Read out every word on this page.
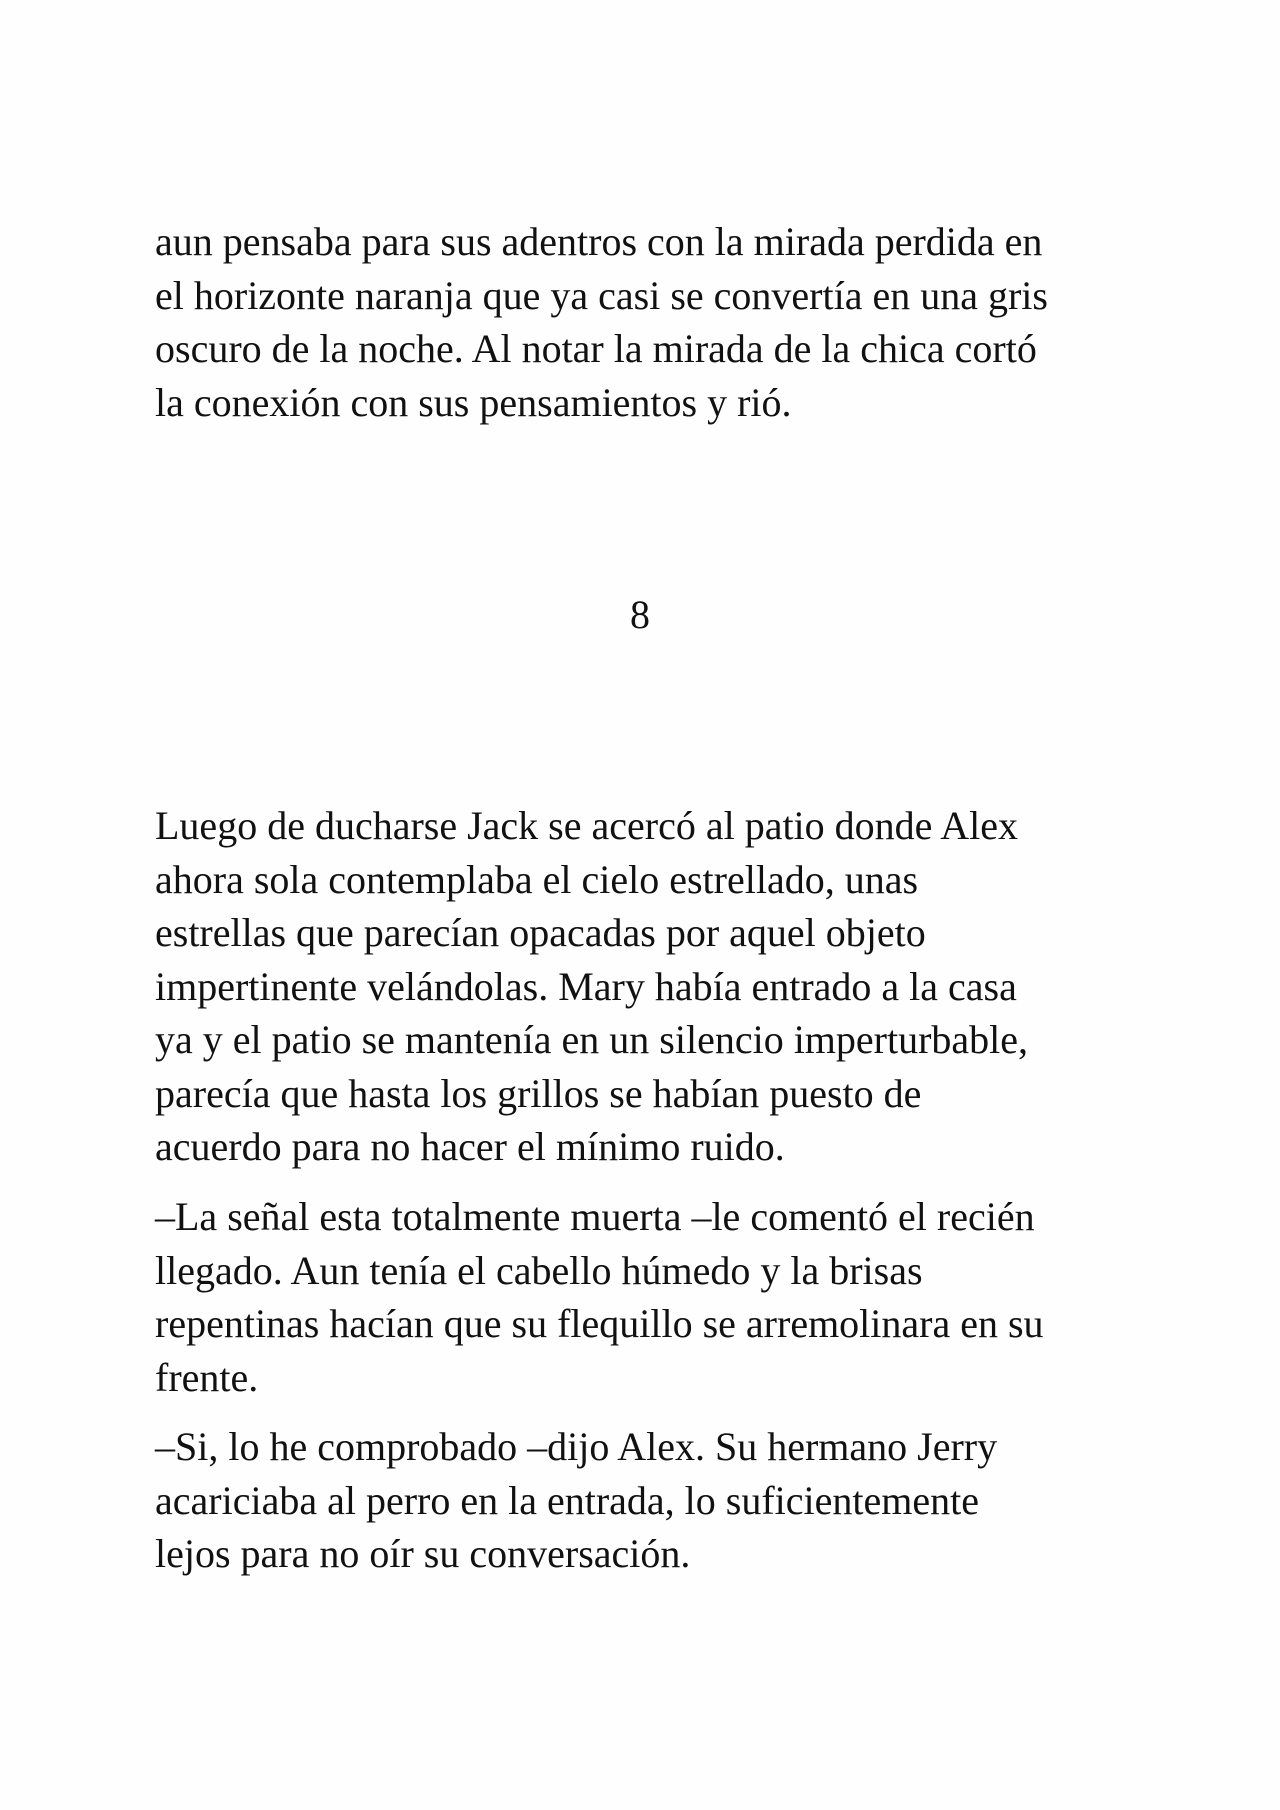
aun pensaba para sus adentros con la mirada perdida en
el horizonte naranja que ya casi se convertía en una gris
oscuro de la noche. Al notar la mirada de la chica cortó
la conexión con sus pensamientos y rió.
8
Luego de ducharse Jack se acercó al patio donde Alex
ahora sola contemplaba el cielo estrellado, unas
estrellas que parecían opacadas por aquel objeto
impertinente velándolas. Mary había entrado a la casa
ya y el patio se mantenía en un silencio imperturbable,
parecía que hasta los grillos se habían puesto de
acuerdo para no hacer el mínimo ruido.
–La señal esta totalmente muerta –le comentó el recién
llegado. Aun tenía el cabello húmedo y la brisas
repentinas hacían que su flequillo se arremolinara en su
frente.
–Si, lo he comprobado –dijo Alex. Su hermano Jerry
acariciaba al perro en la entrada, lo suficientemente
lejos para no oír su conversación.
